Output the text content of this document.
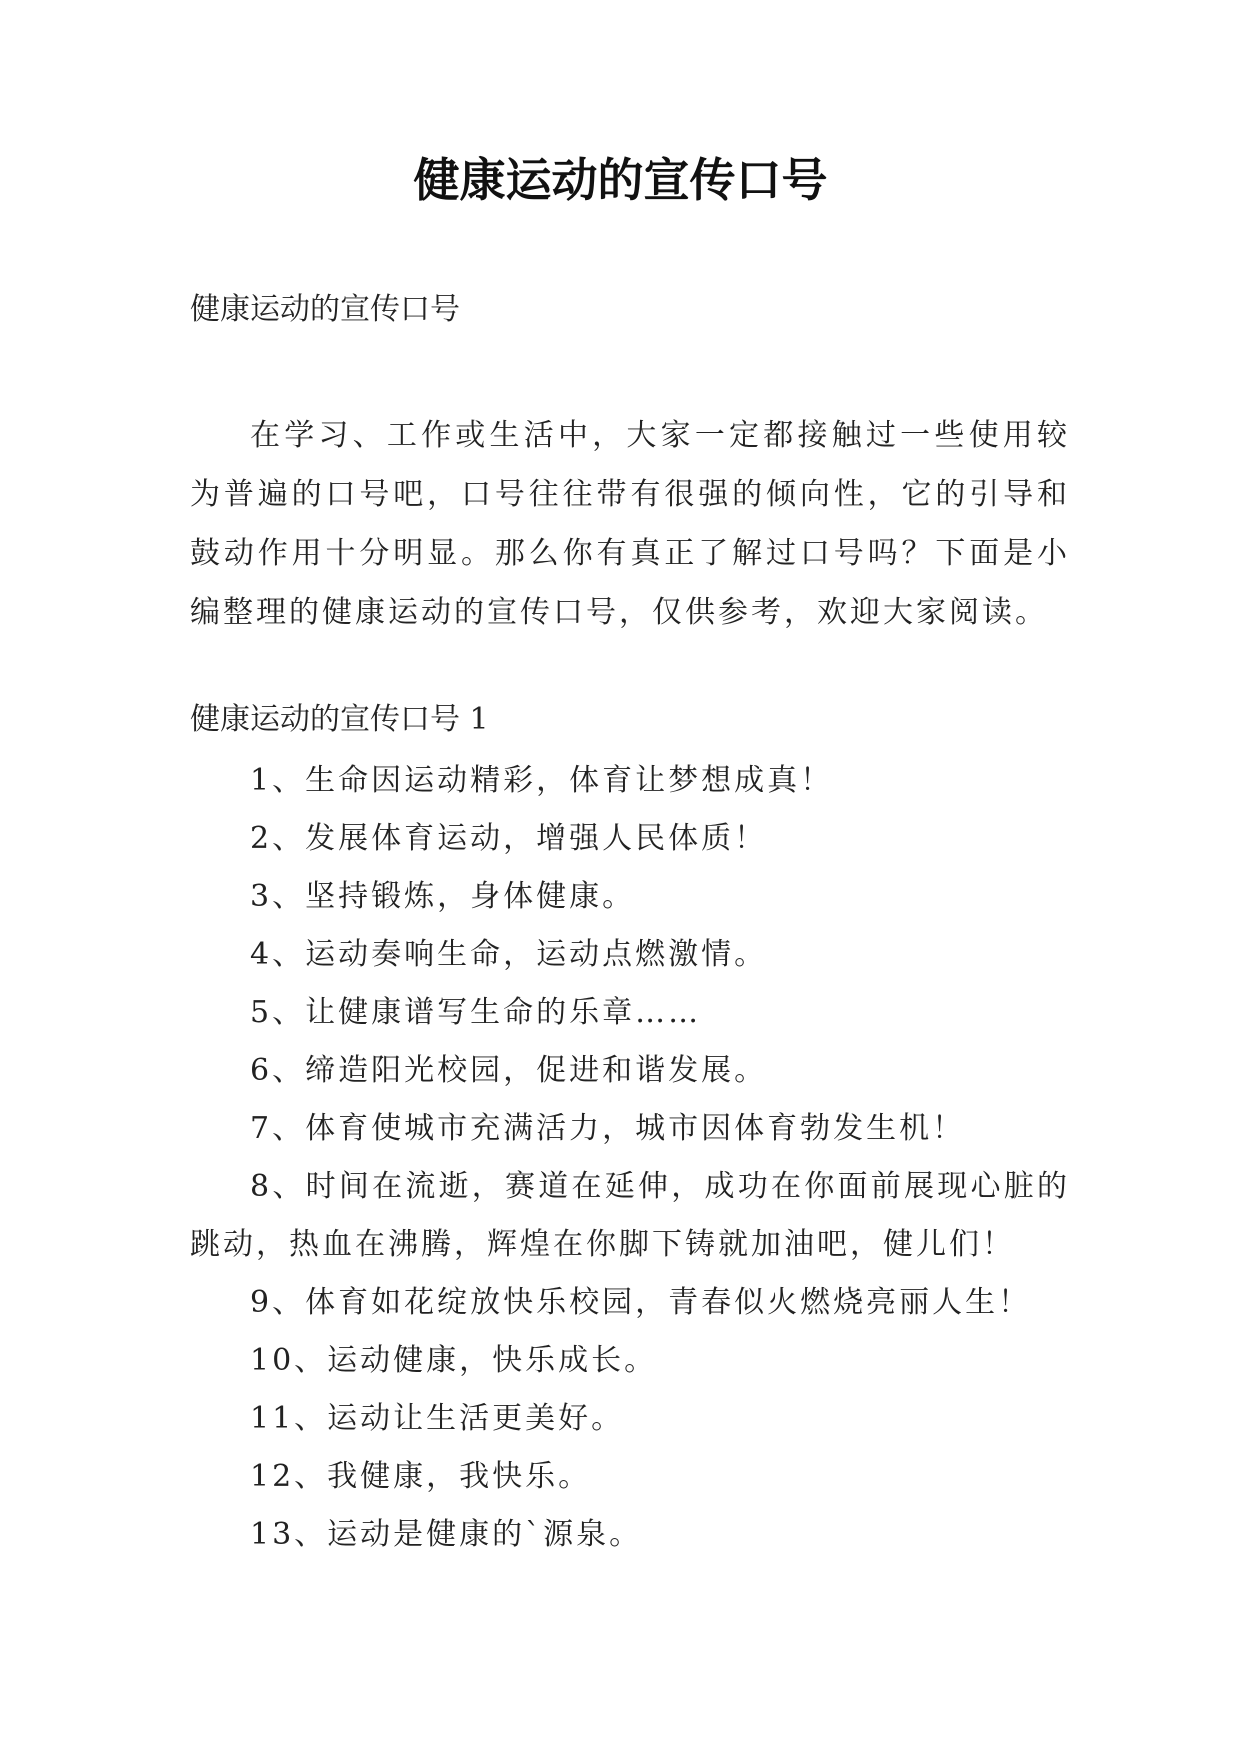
健康运动的宣传口号

健康运动的宣传口号

在学习、工作或生活中，大家一定都接触过一些使用较为普遍的口号吧，口号往往带有很强的倾向性，它的引导和鼓动作用十分明显。那么你有真正了解过口号吗？下面是小编整理的健康运动的宣传口号，仅供参考，欢迎大家阅读。

健康运动的宣传口号 1

1、生命因运动精彩，体育让梦想成真！
2、发展体育运动，增强人民体质！
3、坚持锻炼，身体健康。
4、运动奏响生命，运动点燃激情。
5、让健康谱写生命的乐章……
6、缔造阳光校园，促进和谐发展。
7、体育使城市充满活力，城市因体育勃发生机！
8、时间在流逝，赛道在延伸，成功在你面前展现心脏的跳动，热血在沸腾，辉煌在你脚下铸就加油吧，健儿们！
9、体育如花绽放快乐校园，青春似火燃烧亮丽人生！
10、运动健康，快乐成长。
11、运动让生活更美好。
12、我健康，我快乐。
13、运动是健康的`源泉。
